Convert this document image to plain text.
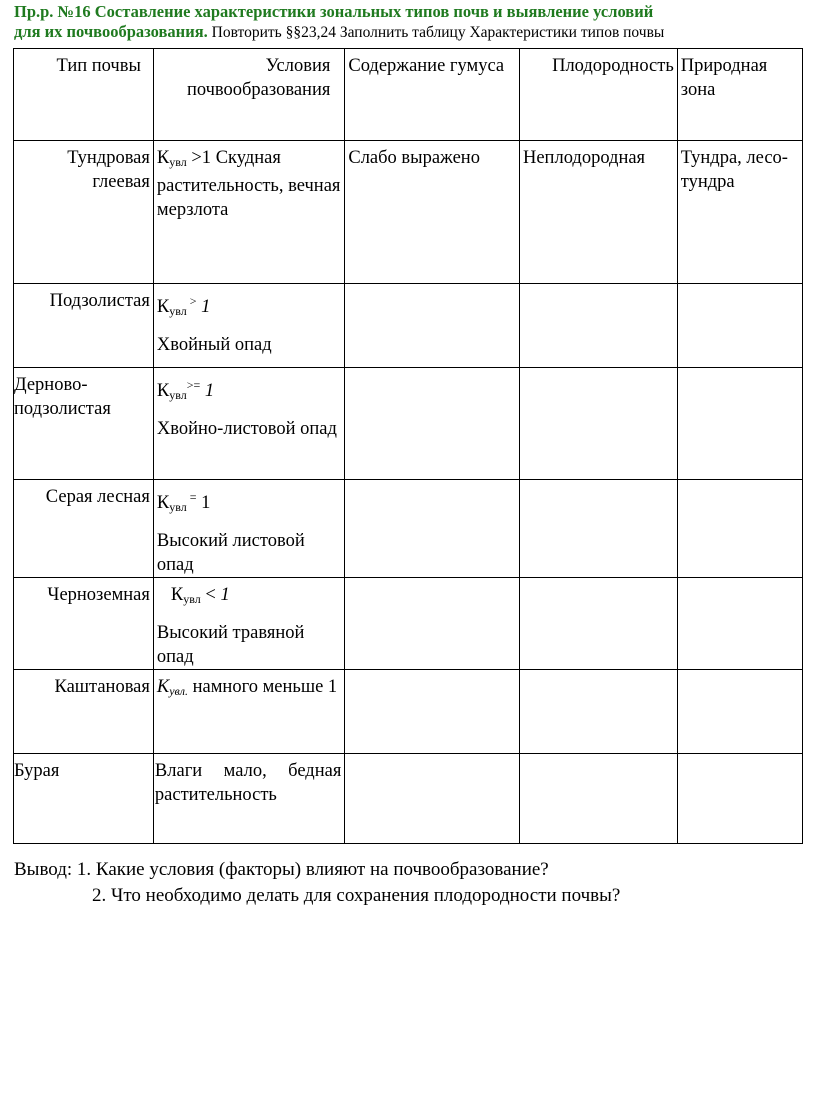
Пр.р. №16 Составление характеристики зональных типов почв и выявление условий
для их почвообразования. Повторить §§23,24 Заполнить таблицу Характеристики типов почвы
Тип почвы	Условия почвообразования	Содержание гумуса	Плодородность	Природная зона

Тундровая
глеевая	$К_{увл} >1$ Скудная растительность, вечная мерзлота	Слабо выражено	Неплодородная	Тундра, лесо-тундра
Подзолистая	$К_{увл}$ > 1
Хвойный опад			

Дерново-
подзолистая	$К_{увл}^{>=}$ 1
Хвойно-листовой опад			
Серая лесная	$К_{увл}$ = 1
Высокий листовой опад			
Черноземная	$К_{увл} < 1$
Высокий травяной опад			
Каштановая	$К_{увл.}$ намного меньше 1			
Бурая	Влаги мало, бедная растительность			
Вывод: 1. Какие условия (факторы) влияют на почвообразование?
2. Что необходимо делать для сохранения плодородности почвы?
